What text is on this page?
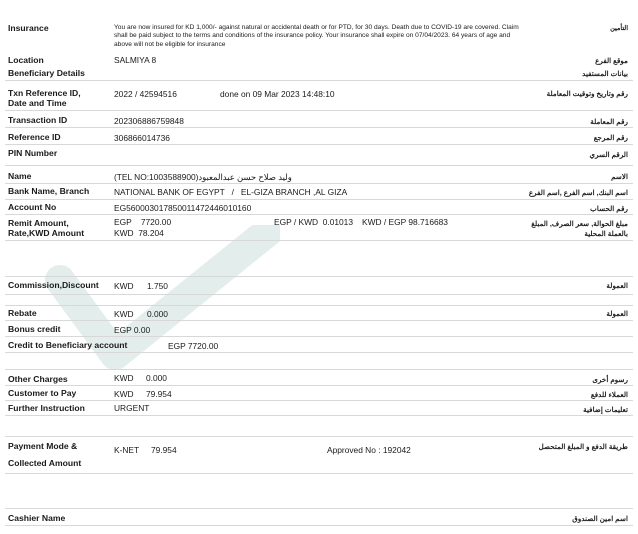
Insurance	You are now insured for KD 1,000/- against natural or accidental death or for PTD, for 30 days. Death due to COVID-19 are covered. Claim shall be paid subject to the terms and conditions of the insurance policy. Your insurance shall expire on 07/04/2023. 64 years of age and above will not be eligible for insurance
التأمين
Location	SALMIYA 8	موقع الفرع
Beneficiary Details	بيانات المستفيد
Txn Reference ID,
Date and Time
2022 / 42594516	done on 09 Mar 2023 14:48:10	رقم وتاريخ وتوقيت المعاملة
Transaction ID	202306886759848	رقم المعاملة
Reference ID	306866014736	رقم المرجع
PIN Number	الرقم السري
Name	وليد صلاح حسن عبدالمعبود(TEL NO:1003588900)	الاسم
Bank Name, Branch	NATIONAL BANK OF EGYPT   /   EL-GIZA BRANCH ,AL GIZA	اسم البنك, اسم الفرع ,اسم الفرع
Account No	EG560003017850011472446010160	رقم الحساب
Remit Amount,
Rate,KWD Amount
EGP    7720.00
KWD  78.204
EGP / KWD  0.01013 KWD / EGP 98.716683	مبلغ الحوالة, سعر الصرف, المبلغ
بالعملة المحلية
Commission,Discount KWD 1.750	العمولة
Rebate	KWD 0.000	العمولة
Bonus credit	EGP 0.00
Credit to Beneficiary account	EGP 7720.00
Other Charges	KWD 0.000	رسوم أخرى
Customer to Pay	KWD 79.954	العملاء للدفع
Further Instruction	URGENT	تعليمات إضافية
Payment Mode &
Collected Amount
K-NET 79.954	Approved No : 192042	طريقة الدفع و المبلغ المتحصل
Cashier Name	اسم امين الصندوق
